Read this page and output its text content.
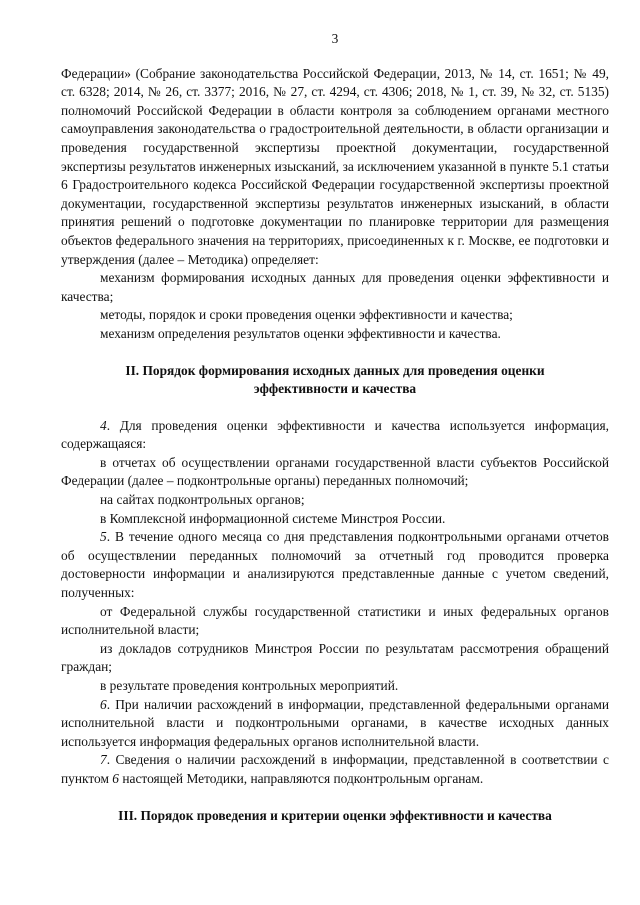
3

Федерации» (Собрание законодательства Российской Федерации, 2013, № 14, ст. 1651; № 49, ст. 6328; 2014, № 26, ст. 3377; 2016, № 27, ст. 4294, ст. 4306; 2018, № 1, ст. 39, № 32, ст. 5135) полномочий Российской Федерации в области контроля за соблюдением органами местного самоуправления законодательства о градостроительной деятельности, в области организации и проведения государственной экспертизы проектной документации, государственной экспертизы результатов инженерных изысканий, за исключением указанной в пункте 5.1 статьи 6 Градостроительного кодекса Российской Федерации государственной экспертизы проектной документации, государственной экспертизы результатов инженерных изысканий, в области принятия решений о подготовке документации по планировке территории для размещения объектов федерального значения на территориях, присоединенных к г. Москве, ее подготовки и утверждения (далее – Методика) определяет:

механизм формирования исходных данных для проведения оценки эффективности и качества;

методы, порядок и сроки проведения оценки эффективности и качества;

механизм определения результатов оценки эффективности и качества.

II. Порядок формирования исходных данных для проведения оценки эффективности и качества

4. Для проведения оценки эффективности и качества используется информация, содержащаяся:

в отчетах об осуществлении органами государственной власти субъектов Российской Федерации (далее – подконтрольные органы) переданных полномочий;

на сайтах подконтрольных органов;

в Комплексной информационной системе Минстроя России.

5. В течение одного месяца со дня представления подконтрольными органами отчетов об осуществлении переданных полномочий за отчетный год проводится проверка достоверности информации и анализируются представленные данные с учетом сведений, полученных:

от Федеральной службы государственной статистики и иных федеральных органов исполнительной власти;

из докладов сотрудников Минстроя России по результатам рассмотрения обращений граждан;

в результате проведения контрольных мероприятий.

6. При наличии расхождений в информации, представленной федеральными органами исполнительной власти и подконтрольными органами, в качестве исходных данных используется информация федеральных органов исполнительной власти.

7. Сведения о наличии расхождений в информации, представленной в соответствии с пунктом 6 настоящей Методики, направляются подконтрольным органам.

III. Порядок проведения и критерии оценки эффективности и качества
